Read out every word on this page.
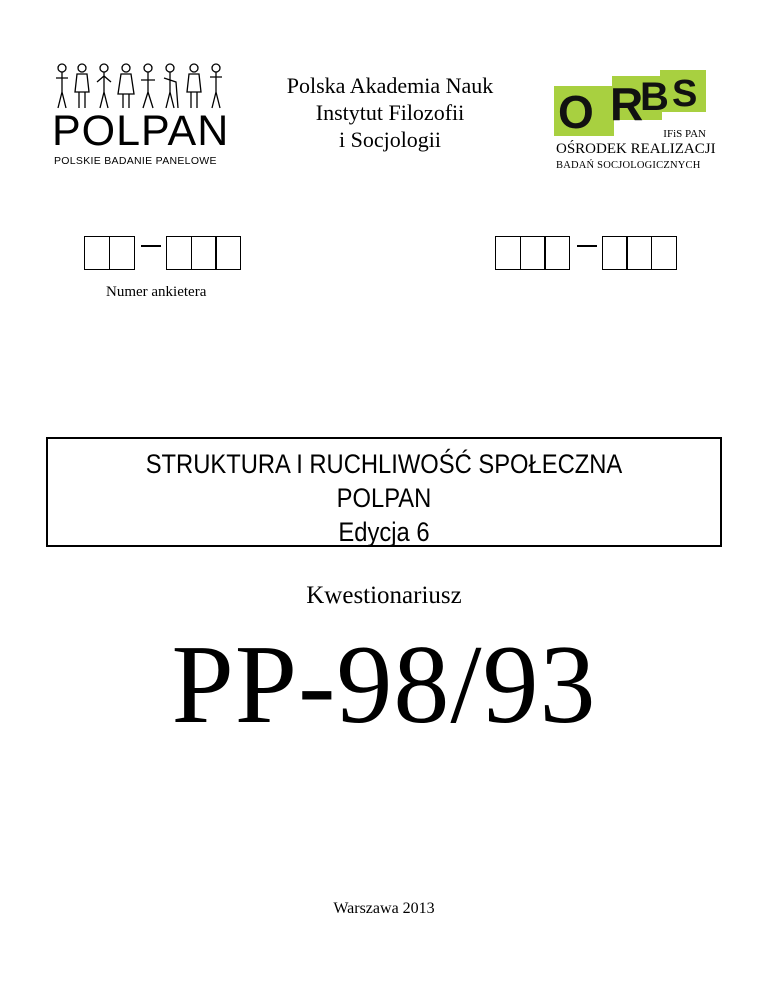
POLPAN
POLSKIE BADANIE PANELOWE
Polska Akademia Nauk
Instytut Filozofii
i Socjologii
O R
B S
IFiS PAN
OŚRODEK REALIZACJI
BADAŃ SOCJOLOGICZNYCH
Numer ankietera
STRUKTURA I RUCHLIWOŚĆ SPOŁECZNA
POLPAN
Edycja 6
Kwestionariusz
PP-98/93
Warszawa 2013
